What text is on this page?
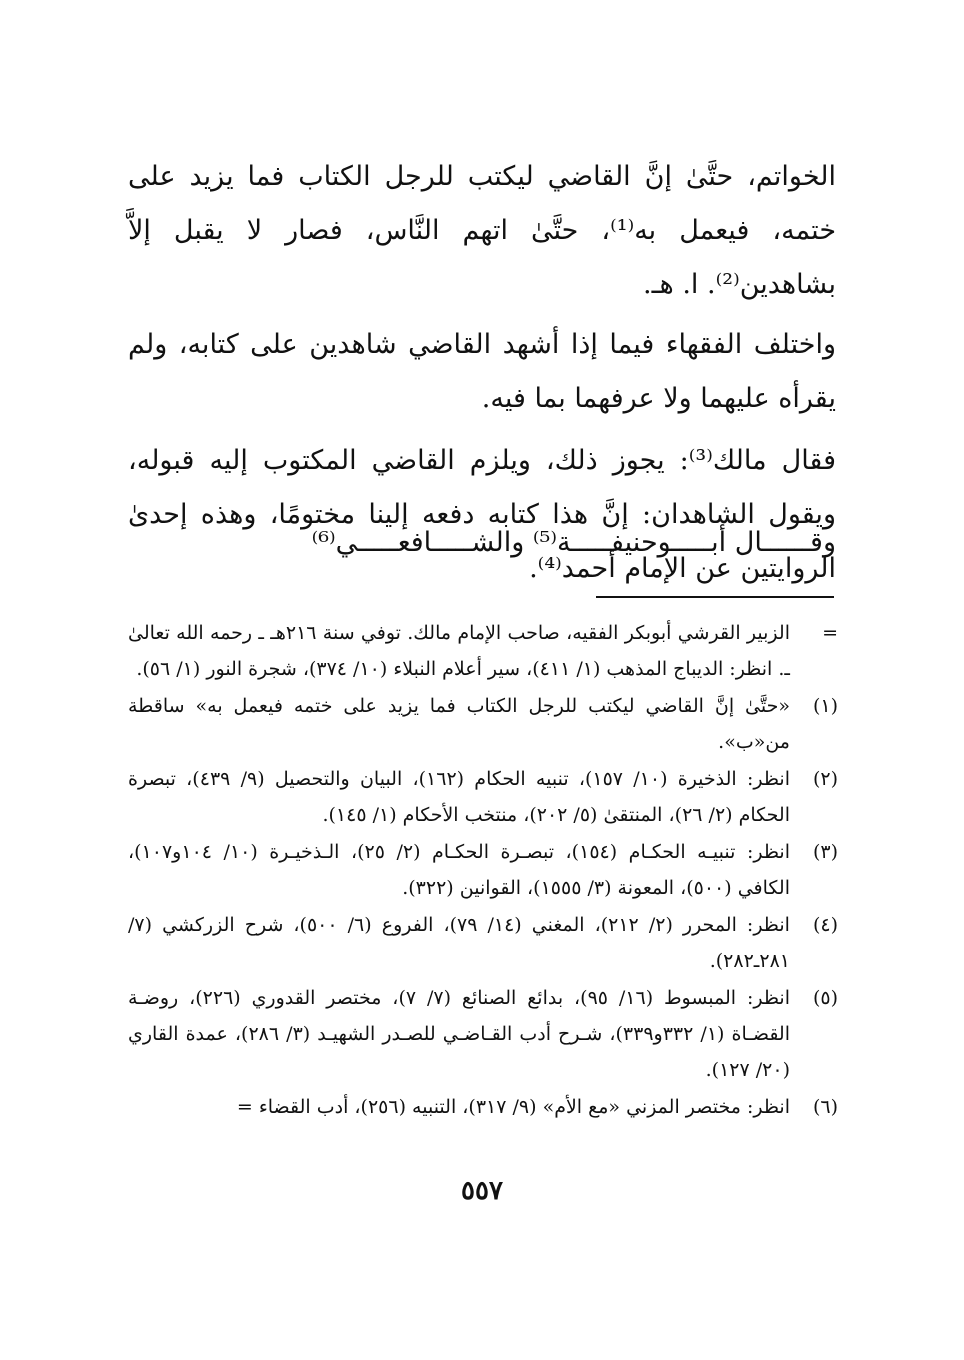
الخواتم، حتَّىٰ إنَّ القاضي ليكتب للرجل الكتاب فما يزيد على ختمه، فيعمل به⁽¹⁾، حتَّىٰ اتهم النَّاس، فصار لا يقبل إلاَّ بشاهدين⁽²⁾. ا. هـ.

واختلف الفقهاء فيما إذا أشهد القاضي شاهدين على كتابه، ولم يقرأه عليهما ولا عرفهما بما فيه.

فقال مالك⁽³⁾: يجوز ذلك، ويلزم القاضي المكتوب إليه قبوله، ويقول الشاهدان: إنَّ هذا كتابه دفعه إلينا مختومًا، وهذه إحدىٰ الروايتين عن الإمام أحمد⁽⁴⁾.

وقــــــال أبـــــوحنيفـــــة⁽⁵⁾ والشـــــافعـــــي⁽⁶⁾
=
الزبير القرشي أبوبكر الفقيه، صاحب الإمام مالك. توفي سنة ٢١٦هـ ـ رحمه الله تعالىٰ ـ. انظر: الديباج المذهب (١/ ٤١١)، سير أعلام النبلاء (١٠/ ٣٧٤)، شجرة النور (١/ ٥٦).
(١)
«حتَّىٰ إنَّ القاضي ليكتب للرجل الكتاب فما يزيد على ختمه فيعمل به» ساقطة من«ب».
(٢)
انظر: الذخيرة (١٠/ ١٥٧)، تنبيه الحكام (١٦٢)، البيان والتحصيل (٩/ ٤٣٩)، تبصرة الحكام (٢/ ٢٦)، المنتقىٰ (٥/ ٢٠٢)، منتخب الأحكام (١/ ١٤٥).
(٣)
انظر: تنبيـه الحكـام (١٥٤)، تبصـرة الحكـام (٢/ ٢٥)، الـذخيـرة (١٠/ ١٠٤و١٠٧)، الكافي (٥٠٠)، المعونة (٣/ ١٥٥٥)، القوانين (٣٢٢).
(٤)
انظر: المحرر (٢/ ٢١٢)، المغني (١٤/ ٧٩)، الفروع (٦/ ٥٠٠)، شرح الزركشي (٧/ ٢٨١ـ٢٨٢).
(٥)
انظر: المبسوط (١٦/ ٩٥)، بدائع الصنائع (٧/ ٧)، مختصر القدوري (٢٢٦)، روضـة القضـاة (١/ ٣٣٢و٣٣٩)، شـرح أدب القـاضـي للصـدر الشهيـد (٣/ ٢٨٦)، عمدة القاري (٢٠/ ١٢٧).
(٦)
انظر: مختصر المزني «مع الأم» (٩/ ٣١٧)، التنبيه (٢٥٦)، أدب القضاء =
٥٥٧
